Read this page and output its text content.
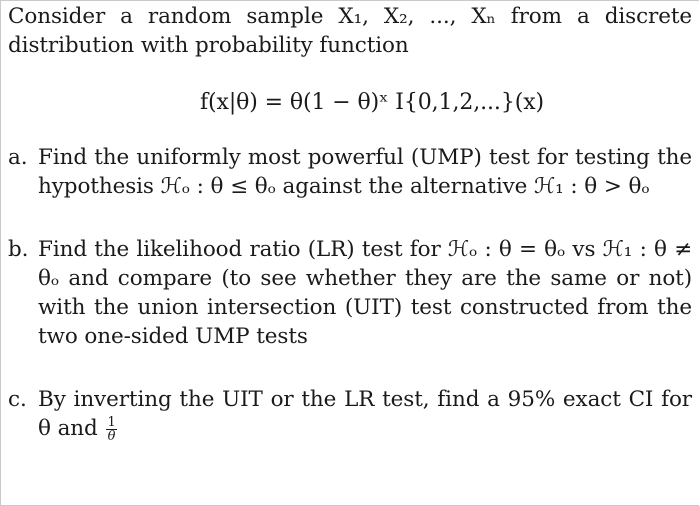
Consider a random sample X₁, X₂, ..., Xₙ from a discrete distribution with probability function

f(x|θ) = θ(1 − θ)ˣ I{0,1,2,...}(x)
a. Find the uniformly most powerful (UMP) test for testing the hypothesis ℋₒ : θ ≤ θₒ against the alternative ℋ₁ : θ > θₒ
b. Find the likelihood ratio (LR) test for ℋₒ : θ = θₒ vs ℋ₁ : θ ≠ θₒ and compare (to see whether they are the same or not) with the union intersection (UIT) test constructed from the two one-sided UMP tests
c. By inverting the UIT or the LR test, find a 95% exact CI for θ and $\frac{1}{\theta}$
